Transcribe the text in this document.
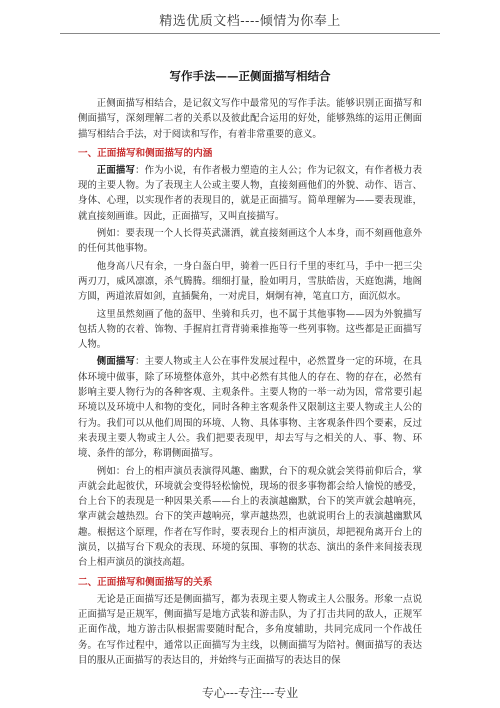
精选优质文档----倾情为你奉上
写作手法——正侧面描写相结合

正侧面描写相结合，是记叙文写作中最常见的写作手法。能够识别正面描写和侧面描写，深刻理解二者的关系以及彼此配合运用的好处，能够熟练的运用正侧面描写相结合手法，对于阅读和写作，有着非常重要的意义。

一、正面描写和侧面描写的内涵

正面描写：作为小说，有作者极力塑造的主人公；作为记叙文，有作者极力表现的主要人物。为了表现主人公或主要人物，直接刻画他们的外貌、动作、语言、身体、心理，以实现作者的表现目的，就是正面描写。简单理解为——要表现谁，就直接刻画谁。因此，正面描写，又叫直接描写。

例如：要表现一个人长得英武潇洒，就直接刻画这个人本身，而不刻画他意外的任何其他事物。

他身高八尺有余，一身白盔白甲，骑着一匹日行千里的枣红马，手中一把三尖两刃刀，威风凛凛，杀气腾腾。细细打量，脸如明月，雪肤皓齿，天庭饱满，地阁方圆，两道浓眉如剑，直插鬓角，一对虎目，炯炯有神，笔直口方，面沉似水。

这里虽然刻画了他的盔甲、坐骑和兵刃，也不属于其他事物——因为外貌描写包括人物的衣着、饰物、手握肩扛背背骑乘推拖等一些列事物。这些都是正面描写人物。

侧面描写：主要人物或主人公在事件发展过程中，必然置身一定的环境，在具体环境中做事，除了环境整体意外，其中必然有其他人的存在、物的存在，必然有影响主要人物行为的各种客观、主观条件。主要人物的一举一动为因，常常要引起环境以及环境中人和物的变化，同时各种主客观条件又限制这主要人物或主人公的行为。我们可以从他们周围的环境、人物、具体事物、主客观条件四个要素，反过来表现主要人物或主人公。我们把要表现甲，却去写与之相关的人、事、物、环境、条件的部分，称谓侧面描写。

例如：台上的相声演员表演得风趣、幽默，台下的观众就会笑得前仰后合，掌声就会此起彼伏，环境就会变得轻松愉悦，现场的很多事物都会给人愉悦的感受，台上台下的表现是一种因果关系——台上的表演越幽默，台下的笑声就会越响亮，掌声就会越热烈。台下的笑声越响亮，掌声越热烈，也就说明台上的表演越幽默风趣。根据这个原理，作者在写作时，要表现台上的相声演员，却把视角离开台上的演员，以描写台下观众的表现、环境的氛围、事物的状态、演出的条件来间接表现台上相声演员的演技高超。

二、正面描写和侧面描写的关系

无论是正面描写还是侧面描写，都为表现主要人物或主人公服务。形象一点说正面描写是正规军，侧面描写是地方武装和游击队，为了打击共同的敌人，正规军正面作战，地方游击队根据需要随时配合，多角度辅助，共同完成同一个作战任务。在写作过程中，通常以正面描写为主线，以侧面描写为陪衬。侧面描写的表达目的服从正面描写的表达目的，并始终与正面描写的表达目的保

专心---专注---专业
